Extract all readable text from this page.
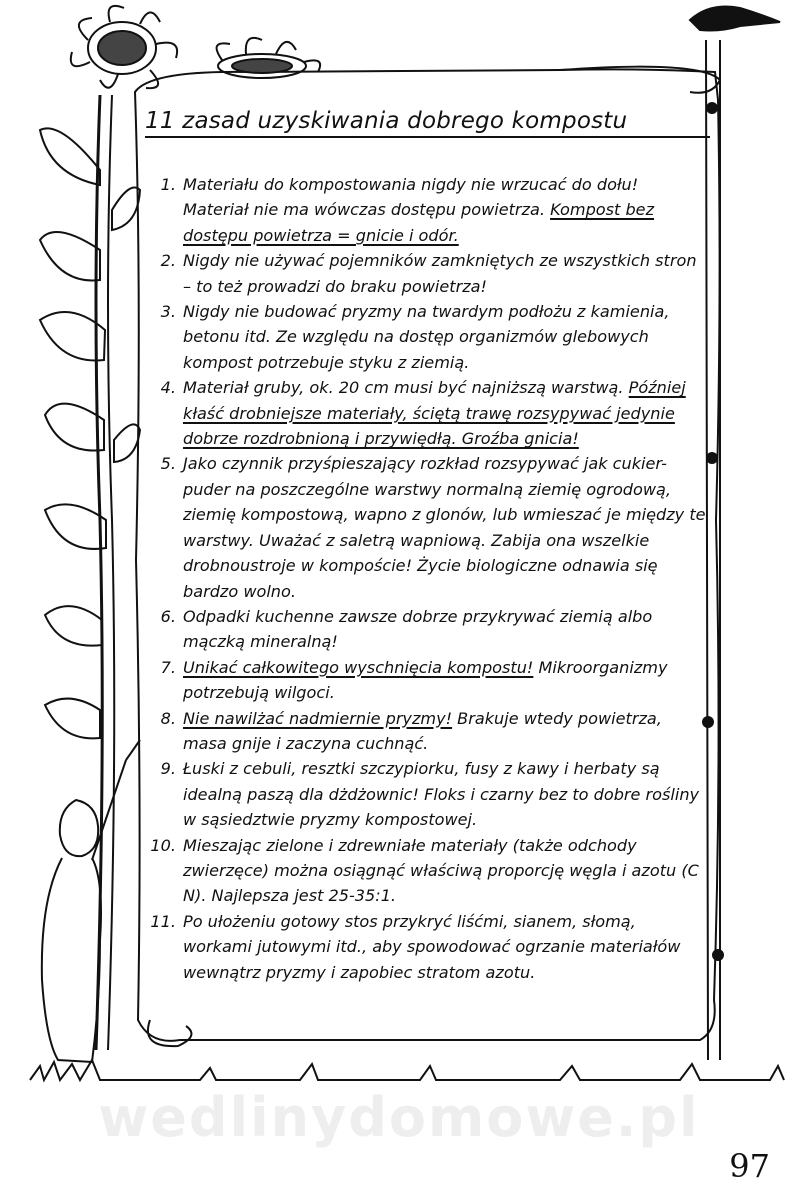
11 zasad uzyskiwania dobrego kompostu
1. Materiału do kompostowania nigdy nie wrzucać do dołu! Materiał nie ma wówczas dostępu powietrza. Kompost bez dostępu powietrza = gnicie i odór.
2. Nigdy nie używać pojemników zamkniętych ze wszystkich stron – to też prowadzi do braku powietrza!
3. Nigdy nie budować pryzmy na twardym podłożu z kamienia, betonu itd. Ze względu na dostęp organizmów glebowych kompost potrzebuje styku z ziemią.
4. Materiał gruby, ok. 20 cm musi być najniższą warstwą. Później kłaść drobniejsze materiały, ściętą trawę rozsypywać jedynie dobrze rozdrobnioną i przywiędłą. Groźba gnicia!
5. Jako czynnik przyśpieszający rozkład rozsypywać jak cukier-puder na poszczególne warstwy normalną ziemię ogrodową, ziemię kompostową, wapno z glonów, lub wmieszać je między te warstwy. Uważać z saletrą wapniową. Zabija ona wszelkie drobnoustroje w kompoście! Życie biologiczne odnawia się bardzo wolno.
6. Odpadki kuchenne zawsze dobrze przykrywać ziemią albo mączką mineralną!
7. Unikać całkowitego wyschnięcia kompostu! Mikroorganizmy potrzebują wilgoci.
8. Nie nawilżać nadmiernie pryzmy! Brakuje wtedy powietrza, masa gnije i zaczyna cuchnąć.
9. Łuski z cebuli, resztki szczypiorku, fusy z kawy i herbaty są idealną paszą dla dżdżownic! Floks i czarny bez to dobre rośliny w sąsiedztwie pryzmy kompostowej.
10. Mieszając zielone i zdrewniałe materiały (także odchody zwierzęce) można osiągnąć właściwą proporcję węgla i azotu (C N). Najlepsza jest 25-35:1.
11. Po ułożeniu gotowy stos przykryć liśćmi, sianem, słomą, workami jutowymi itd., aby spowodować ogrzanie materiałów wewnątrz pryzmy i zapobiec stratom azotu.
wedlinydomowe.pl
97
